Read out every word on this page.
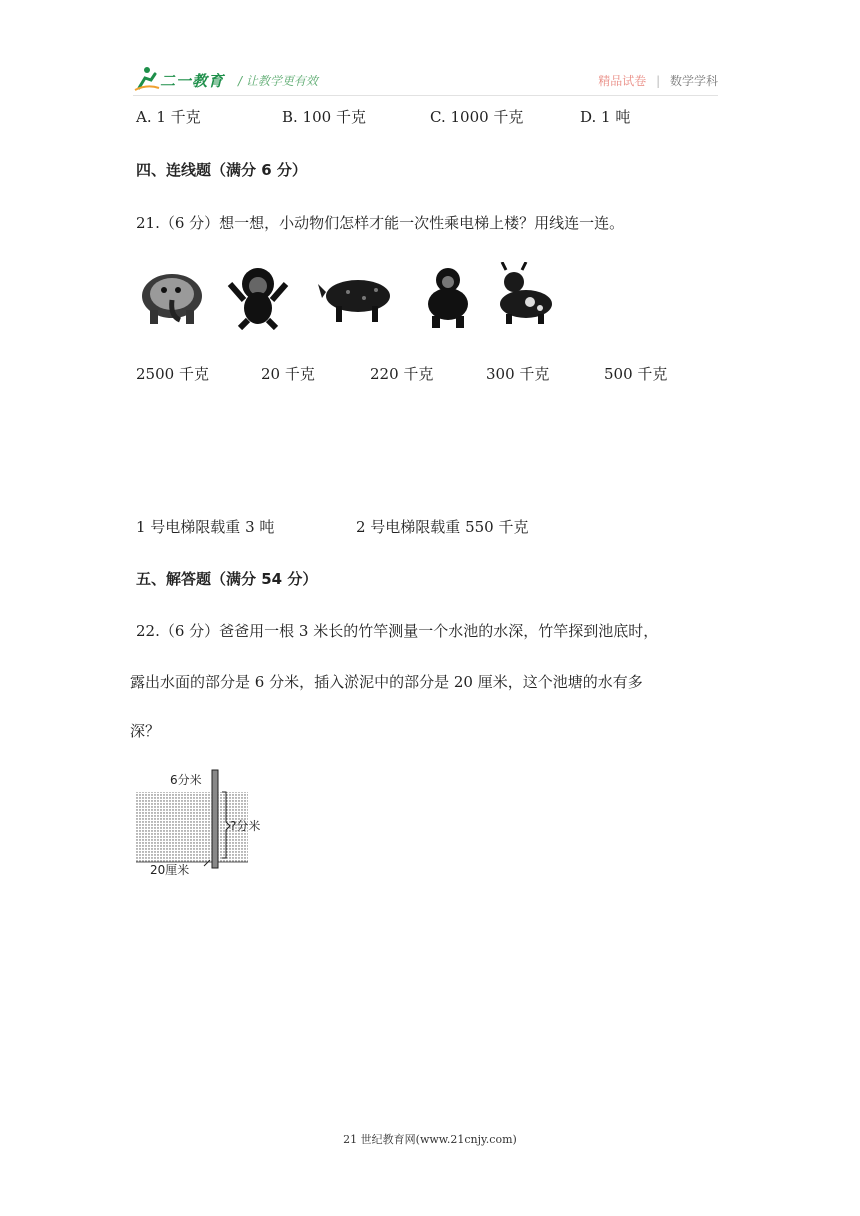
二一教育 / 让教学更有效	精品试卷 | 数学学科
A. 1 千克	B. 100 千克	C. 1000 千克	D. 1 吨
四、连线题（满分 6 分）
21.（6 分）想一想，小动物们怎样才能一次性乘电梯上楼？用线连一连。
2500 千克	20 千克	220 千克	300 千克	500 千克
1 号电梯限载重 3 吨	2 号电梯限载重 550 千克
五、解答题（满分 54 分）
22.（6 分）爸爸用一根 3 米长的竹竿测量一个水池的水深，竹竿探到池底时，
露出水面的部分是 6 分米，插入淤泥中的部分是 20 厘米，这个池塘的水有多
深？
6分米
?分米
20厘米
21 世纪教育网(www.21cnjy.com)
